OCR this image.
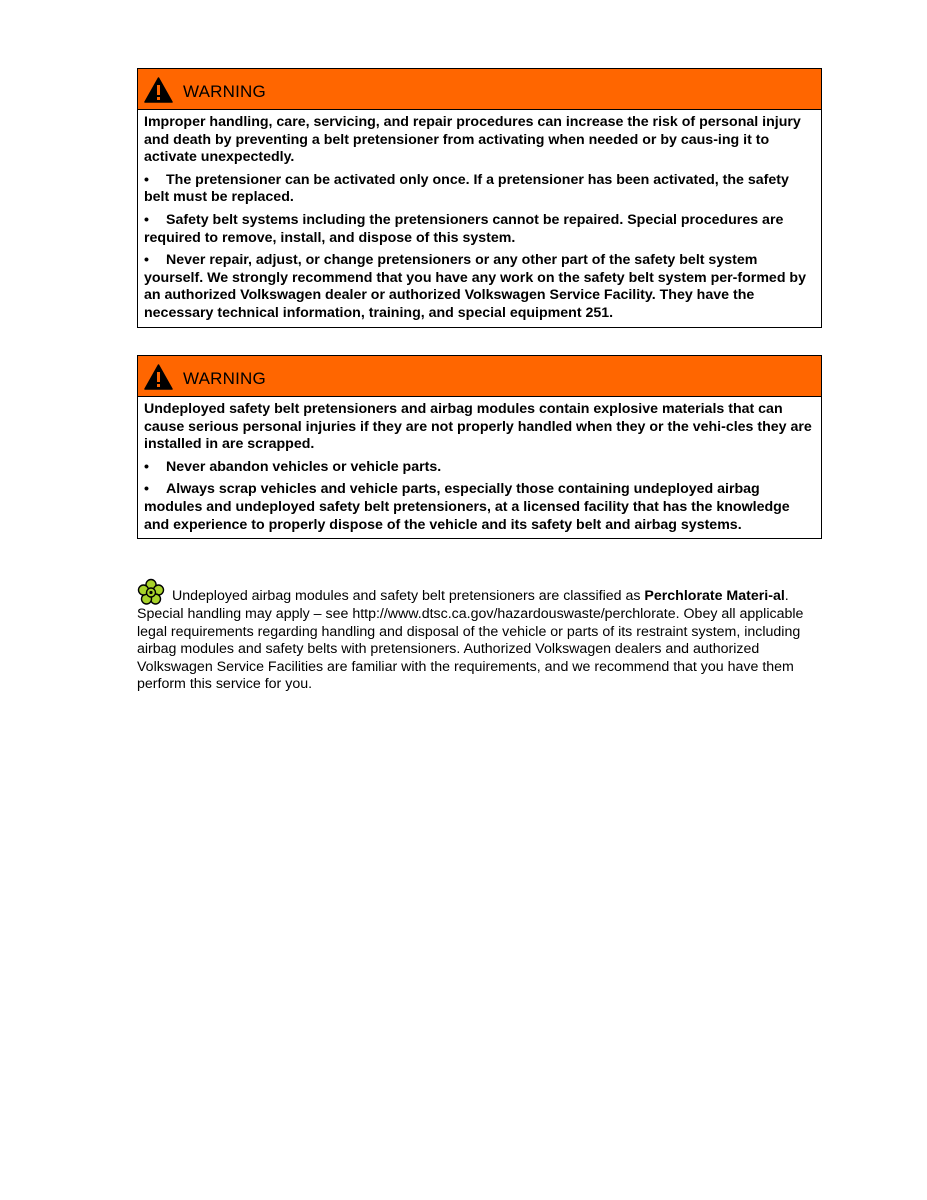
WARNING

Improper handling, care, servicing, and repair procedures can increase the risk of personal injury and death by preventing a belt pretensioner from activating when needed or by caus-ing it to activate unexpectedly.

• The pretensioner can be activated only once. If a pretensioner has been activated, the safety belt must be replaced.

• Safety belt systems including the pretensioners cannot be repaired. Special procedures are required to remove, install, and dispose of this system.

• Never repair, adjust, or change pretensioners or any other part of the safety belt system yourself. We strongly recommend that you have any work on the safety belt system per-formed by an authorized Volkswagen dealer or authorized Volkswagen Service Facility. They have the necessary technical information, training, and special equipment 251.

WARNING

Undeployed safety belt pretensioners and airbag modules contain explosive materials that can cause serious personal injuries if they are not properly handled when they or the vehi-cles they are installed in are scrapped.

• Never abandon vehicles or vehicle parts.

• Always scrap vehicles and vehicle parts, especially those containing undeployed airbag modules and undeployed safety belt pretensioners, at a licensed facility that has the knowledge and experience to properly dispose of the vehicle and its safety belt and airbag systems.

Undeployed airbag modules and safety belt pretensioners are classified as Perchlorate Materi-al. Special handling may apply – see http://www.dtsc.ca.gov/hazardouswaste/perchlorate. Obey all applicable legal requirements regarding handling and disposal of the vehicle or parts of its restraint system, including airbag modules and safety belts with pretensioners. Authorized Volkswagen dealers and authorized Volkswagen Service Facilities are familiar with the requirements, and we recommend that you have them perform this service for you.
